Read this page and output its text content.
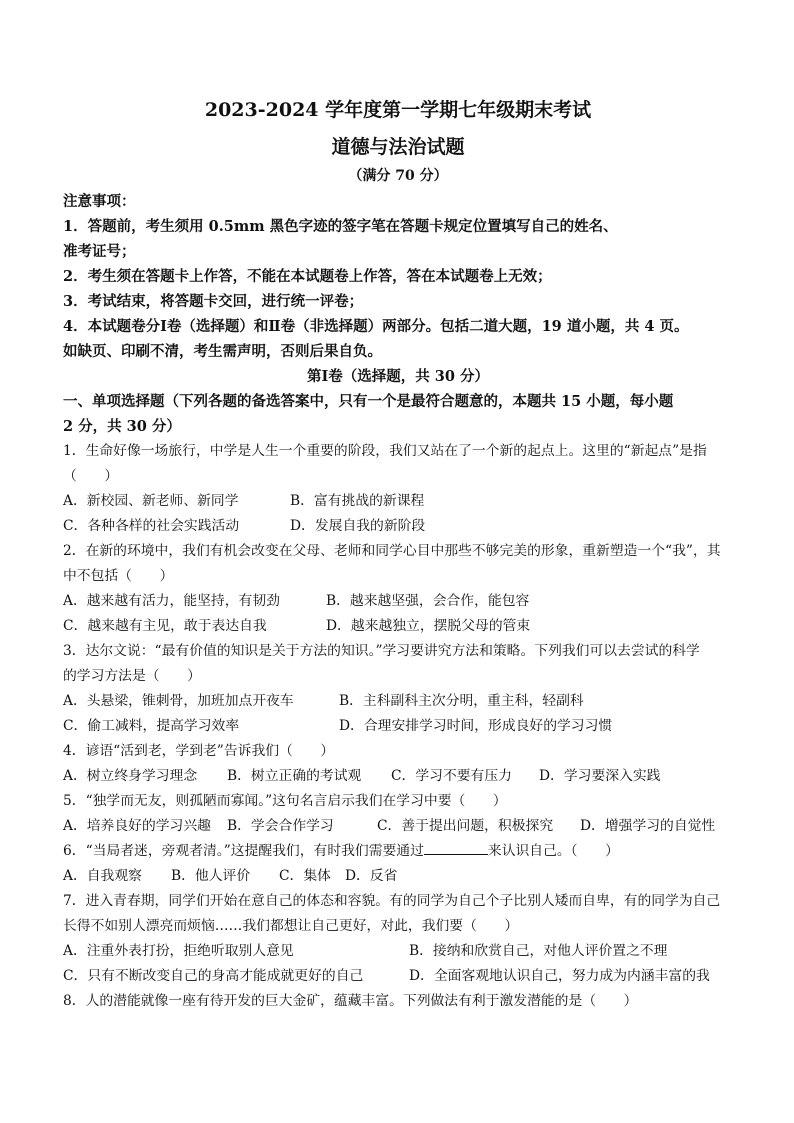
2023-2024 学年度第一学期七年级期末考试
道德与法治试题
（满分 70 分）
注意事项：
1．答题前，考生须用 0.5mm 黑色字迹的签字笔在答题卡规定位置填写自己的姓名、
准考证号；
2．考生须在答题卡上作答，不能在本试题卷上作答，答在本试题卷上无效；
3．考试结束，将答题卡交回，进行统一评卷；
4．本试题卷分Ⅰ卷（选择题）和Ⅱ卷（非选择题）两部分。包括二道大题，19 道小题，共 4 页。
如缺页、印刷不清，考生需声明，否则后果自负。
第Ⅰ卷（选择题，共 30 分）
一、单项选择题（下列各题的备选答案中，只有一个是最符合题意的，本题共 15 小题，每小题
2 分，共 30 分）
1．生命好像一场旅行，中学是人生一个重要的阶段，我们又站在了一个新的起点上。这里的“新起点”是指
（　　）
A．新校园、新老师、新同学	B．富有挑战的新课程
C．各种各样的社会实践活动	D．发展自我的新阶段
2．在新的环境中，我们有机会改变在父母、老师和同学心目中那些不够完美的形象，重新塑造一个“我”，其
中不包括（　　）
A．越来越有活力，能坚持，有韧劲	B．越来越坚强，会合作，能包容
C．越来越有主见，敢于表达自我	D．越来越独立，摆脱父母的管束
3．达尔文说：“最有价值的知识是关于方法的知识。”学习要讲究方法和策略。下列我们可以去尝试的科学
的学习方法是（　　）
A．头悬梁，锥刺骨，加班加点开夜车	B．主科副科主次分明，重主科，轻副科
C．偷工减料，提高学习效率	D．合理安排学习时间，形成良好的学习习惯
4．谚语“活到老，学到老”告诉我们（　　）
A．树立终身学习理念	B．树立正确的考试观	C．学习不要有压力	D．学习要深入实践
5．“独学而无友，则孤陋而寡闻。”这句名言启示我们在学习中要（　　）
A．培养良好的学习兴趣	B．学会合作学习	C．善于提出问题，积极探究	D．增强学习的自觉性
6．“当局者迷，旁观者清。”这提醒我们，有时我们需要通过	来认识自己。（　　）
A．自我观察	B．他人评价	C．集体	D．反省
7．进入青春期，同学们开始在意自己的体态和容貌。有的同学为自己个子比别人矮而自卑，有的同学为自己
长得不如别人漂亮而烦恼……我们都想让自己更好，对此，我们要（　　）
A．注重外表打扮，拒绝听取别人意见	B．接纳和欣赏自己，对他人评价置之不理
C．只有不断改变自己的身高才能成就更好的自己	D．全面客观地认识自己，努力成为内涵丰富的我
8．人的潜能就像一座有待开发的巨大金矿，蕴藏丰富。下列做法有利于激发潜能的是（　　）
